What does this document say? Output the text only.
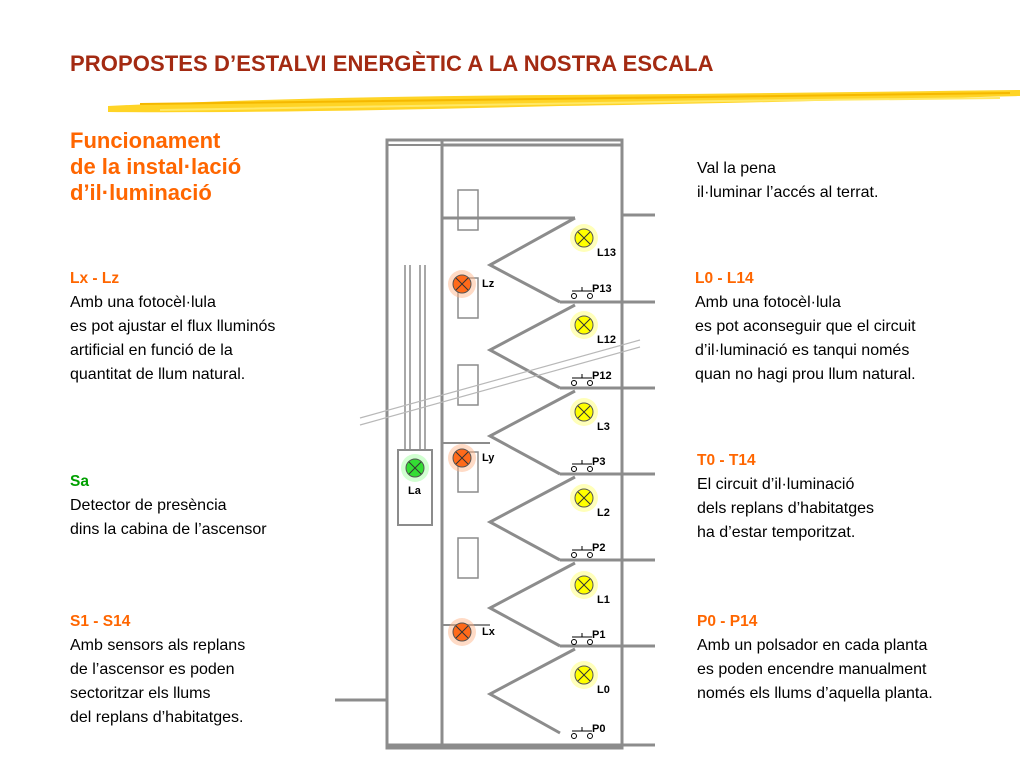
PROPOSTES D’ESTALVI ENERGÈTIC A LA NOSTRA ESCALA
L13
L12
L3
L2
L1
L0
Lz
Ly
Lx
La
P13
P12
P3
P2
P1
P0
Funcionament
de la instal·lació
d’il·luminació
Lx - Lz
Amb una fotocèl·lula
es pot ajustar el flux lluminós
artificial en funció de la
quantitat de llum natural.
Sa
Detector de presència
dins la cabina de l’ascensor
S1 - S14
Amb sensors als replans
de l’ascensor es poden
sectoritzar els llums
del replans d’habitatges.
Val la pena
il·luminar l’accés al terrat.
L0 - L14
Amb una fotocèl·lula
es pot aconseguir que el circuit
d’il·luminació es tanqui només
quan no hagi prou llum natural.
T0 - T14
El circuit d’il·luminació
dels replans d’habitatges
ha d’estar temporitzat.
P0 - P14
Amb un polsador en cada planta
es poden encendre manualment
només els llums d’aquella planta.
